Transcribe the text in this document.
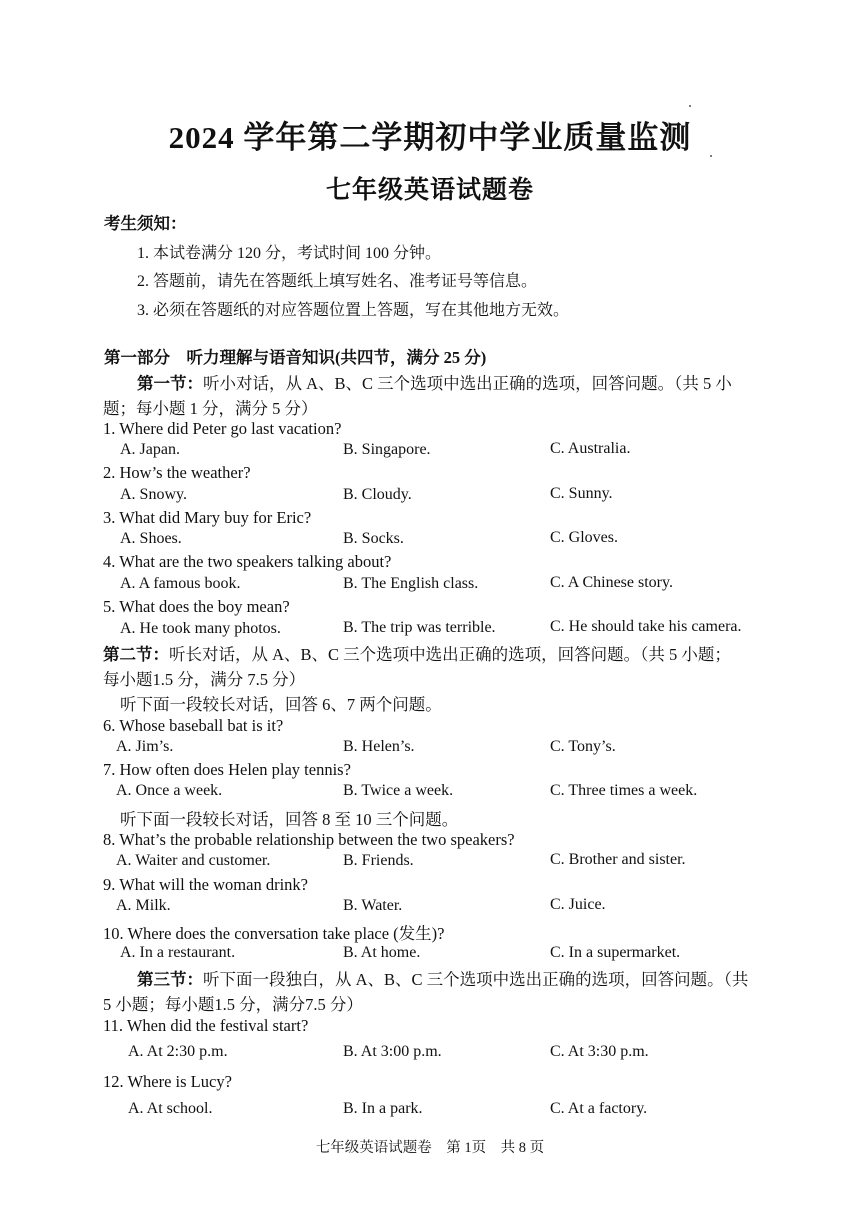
2024 学年第二学期初中学业质量监测
七年级英语试题卷
考生须知：
1. 本试卷满分 120 分，考试时间 100 分钟。
2. 答题前，请先在答题纸上填写姓名、准考证号等信息。
3. 必须在答题纸的对应答题位置上答题，写在其他地方无效。
第一部分　听力理解与语音知识(共四节，满分 25 分)
第一节：听小对话，从 A、B、C 三个选项中选出正确的选项，回答问题。（共 5 小
题；每小题 1 分，满分 5 分）
1. Where did Peter go last vacation?
A. Japan.	B. Singapore.	C. Australia.
2. How’s the weather?
A. Snowy.	B. Cloudy.	C. Sunny.
3. What did Mary buy for Eric?
A. Shoes.	B. Socks.	C. Gloves.
4. What are the two speakers talking about?
A. A famous book.	B. The English class.	C. A Chinese story.
5. What does the boy mean?
A. He took many photos.	B. The trip was terrible.	C. He should take his camera.
第二节：听长对话，从 A、B、C 三个选项中选出正确的选项，回答问题。（共 5 小题；
每小题1.5 分，满分 7.5 分）
听下面一段较长对话，回答 6、7 两个问题。
6. Whose baseball bat is it?
A. Jim’s.	B. Helen’s.	C. Tony’s.
7. How often does Helen play tennis?
A. Once a week.	B. Twice a week.	C. Three times a week.
听下面一段较长对话，回答 8 至 10 三个问题。
8. What’s the probable relationship between the two speakers?
A. Waiter and customer.	B. Friends.	C. Brother and sister.
9. What will the woman drink?
A. Milk.	B. Water.	C. Juice.
10. Where does the conversation take place (发生)?
A. In a restaurant.	B. At home.	C. In a supermarket.
第三节：听下面一段独白，从 A、B、C 三个选项中选出正确的选项，回答问题。（共
5 小题；每小题1.5 分，满分7.5 分）
11. When did the festival start?
A. At 2:30 p.m.	B. At 3:00 p.m.	C. At 3:30 p.m.
12. Where is Lucy?
A. At school.	B. In a park.	C. At a factory.
七年级英语试题卷　第 1页　共 8 页
